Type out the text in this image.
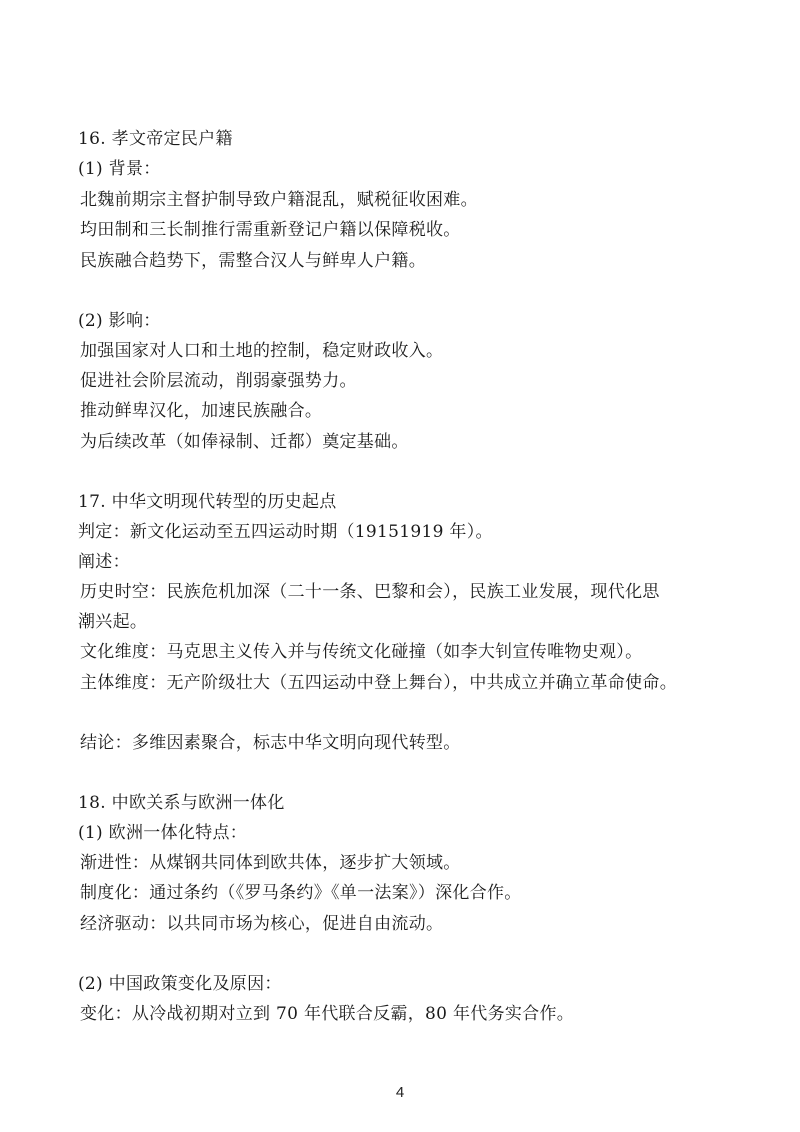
16. 孝文帝定民户籍
(1) 背景：
北魏前期宗主督护制导致户籍混乱，赋税征收困难。
均田制和三长制推行需重新登记户籍以保障税收。
民族融合趋势下，需整合汉人与鲜卑人户籍。
(2) 影响：
加强国家对人口和土地的控制，稳定财政收入。
促进社会阶层流动，削弱豪强势力。
推动鲜卑汉化，加速民族融合。
为后续改革（如俸禄制、迁都）奠定基础。
17. 中华文明现代转型的历史起点
判定：新文化运动至五四运动时期（19151919 年）。
阐述：
历史时空：民族危机加深（二十一条、巴黎和会），民族工业发展，现代化思
潮兴起。
文化维度：马克思主义传入并与传统文化碰撞（如李大钊宣传唯物史观）。
主体维度：无产阶级壮大（五四运动中登上舞台），中共成立并确立革命使命。
结论：多维因素聚合，标志中华文明向现代转型。
18. 中欧关系与欧洲一体化
(1) 欧洲一体化特点：
渐进性：从煤钢共同体到欧共体，逐步扩大领域。
制度化：通过条约（《罗马条约》《单一法案》）深化合作。
经济驱动：以共同市场为核心，促进自由流动。
(2) 中国政策变化及原因：
变化：从冷战初期对立到 70 年代联合反霸，80 年代务实合作。
4
